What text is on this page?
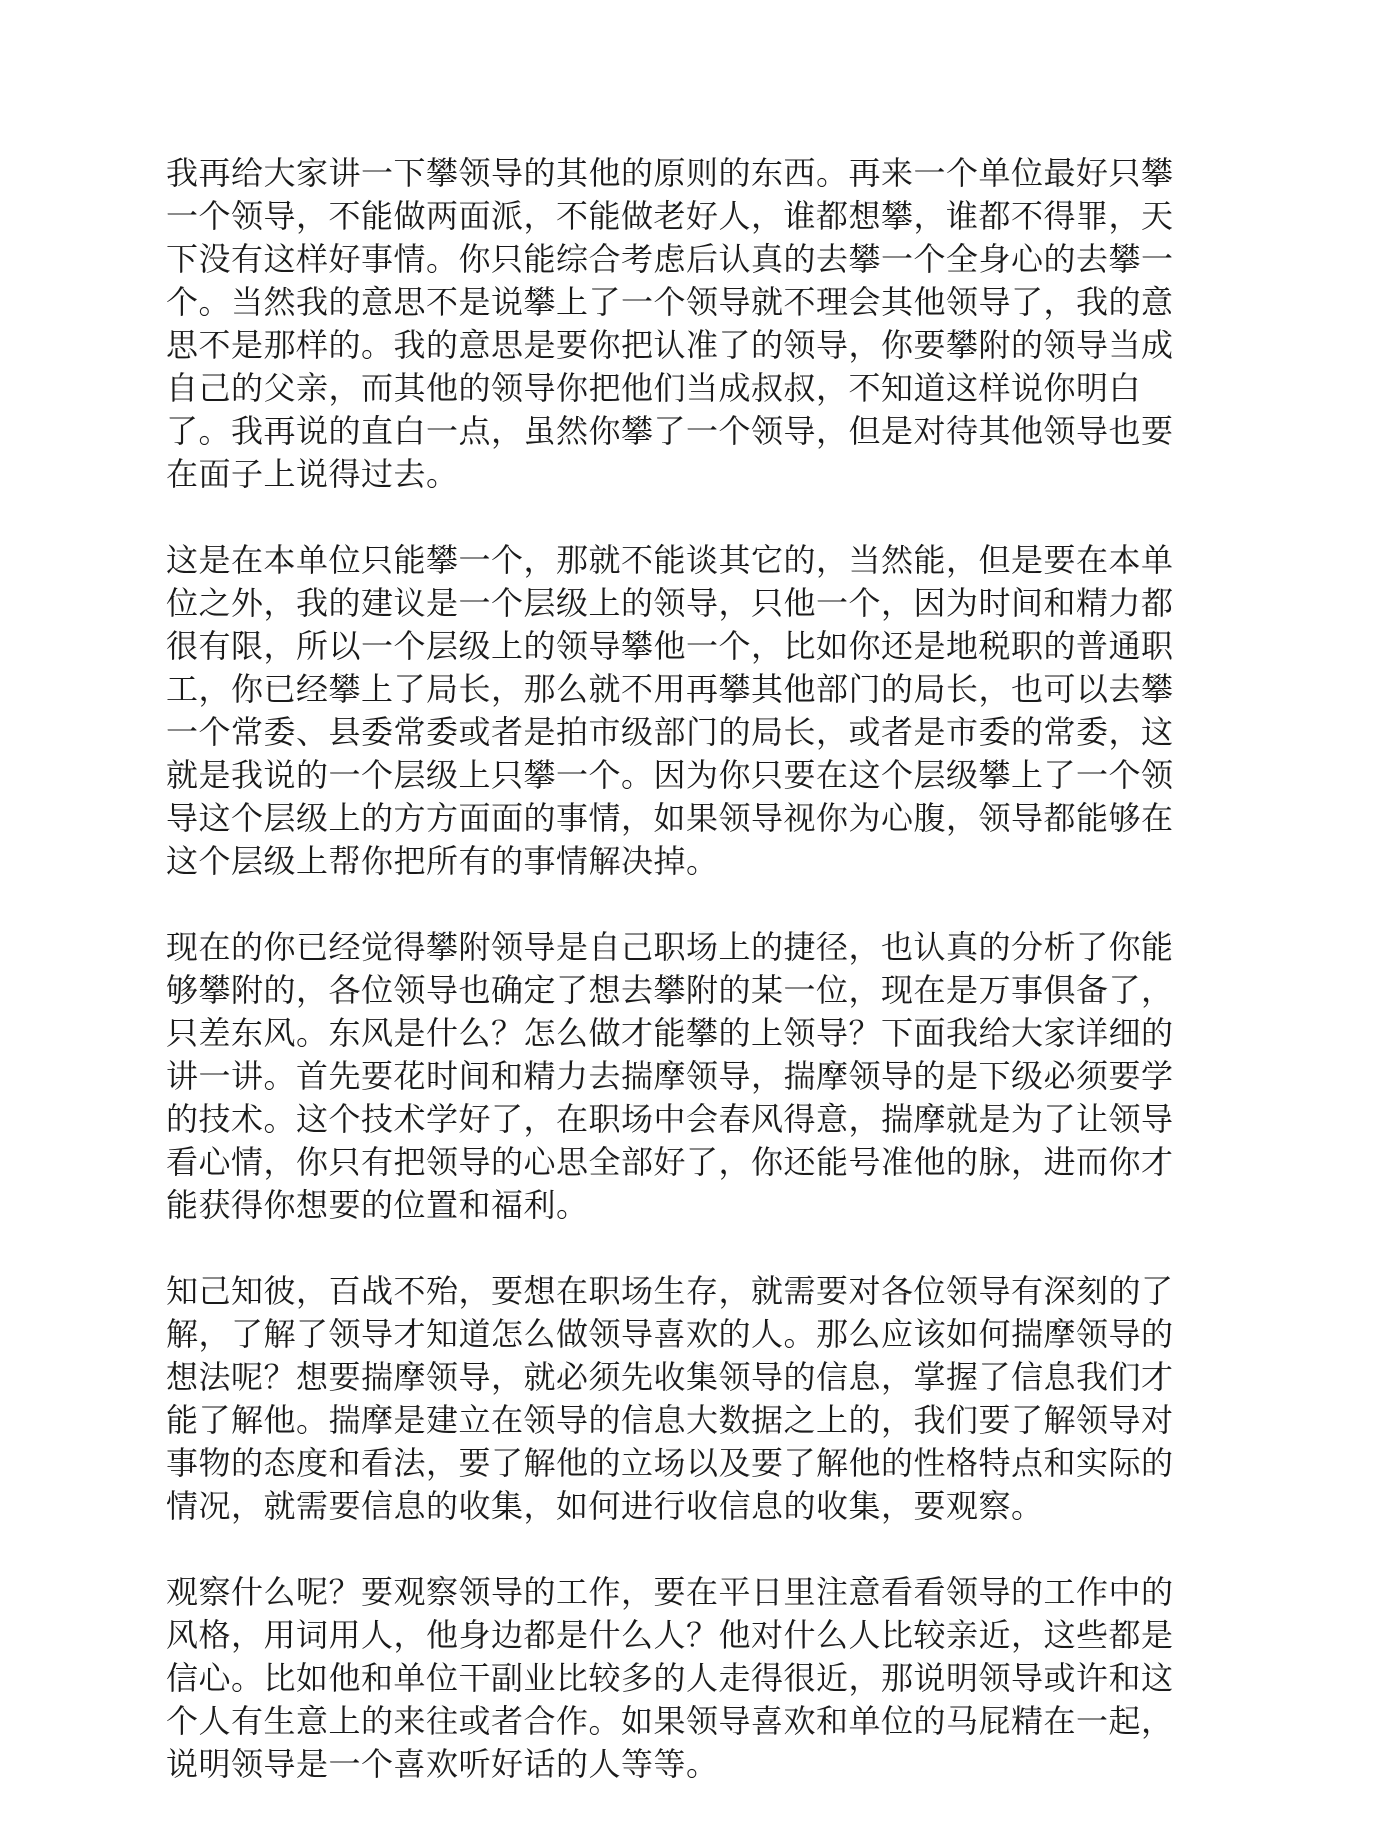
我再给大家讲一下攀领导的其他的原则的东西。再来一个单位最好只攀
一个领导，不能做两面派，不能做老好人，谁都想攀，谁都不得罪，天
下没有这样好事情。你只能综合考虑后认真的去攀一个全身心的去攀一
个。当然我的意思不是说攀上了一个领导就不理会其他领导了，我的意
思不是那样的。我的意思是要你把认准了的领导，你要攀附的领导当成
自己的父亲，而其他的领导你把他们当成叔叔，不知道这样说你明白
了。我再说的直白一点，虽然你攀了一个领导，但是对待其他领导也要
在面子上说得过去。
这是在本单位只能攀一个，那就不能谈其它的，当然能，但是要在本单
位之外，我的建议是一个层级上的领导，只他一个，因为时间和精力都
很有限，所以一个层级上的领导攀他一个，比如你还是地税职的普通职
工，你已经攀上了局长，那么就不用再攀其他部门的局长，也可以去攀
一个常委、县委常委或者是拍市级部门的局长，或者是市委的常委，这
就是我说的一个层级上只攀一个。因为你只要在这个层级攀上了一个领
导这个层级上的方方面面的事情，如果领导视你为心腹，领导都能够在
这个层级上帮你把所有的事情解决掉。
现在的你已经觉得攀附领导是自己职场上的捷径，也认真的分析了你能
够攀附的，各位领导也确定了想去攀附的某一位，现在是万事俱备了，
只差东风。东风是什么？怎么做才能攀的上领导？下面我给大家详细的
讲一讲。首先要花时间和精力去揣摩领导，揣摩领导的是下级必须要学
的技术。这个技术学好了，在职场中会春风得意，揣摩就是为了让领导
看心情，你只有把领导的心思全部好了，你还能号准他的脉，进而你才
能获得你想要的位置和福利。
知己知彼，百战不殆，要想在职场生存，就需要对各位领导有深刻的了
解，了解了领导才知道怎么做领导喜欢的人。那么应该如何揣摩领导的
想法呢？想要揣摩领导，就必须先收集领导的信息，掌握了信息我们才
能了解他。揣摩是建立在领导的信息大数据之上的，我们要了解领导对
事物的态度和看法，要了解他的立场以及要了解他的性格特点和实际的
情况，就需要信息的收集，如何进行收信息的收集，要观察。
观察什么呢？要观察领导的工作，要在平日里注意看看领导的工作中的
风格，用词用人，他身边都是什么人？他对什么人比较亲近，这些都是
信心。比如他和单位干副业比较多的人走得很近，那说明领导或许和这
个人有生意上的来往或者合作。如果领导喜欢和单位的马屁精在一起，
说明领导是一个喜欢听好话的人等等。
